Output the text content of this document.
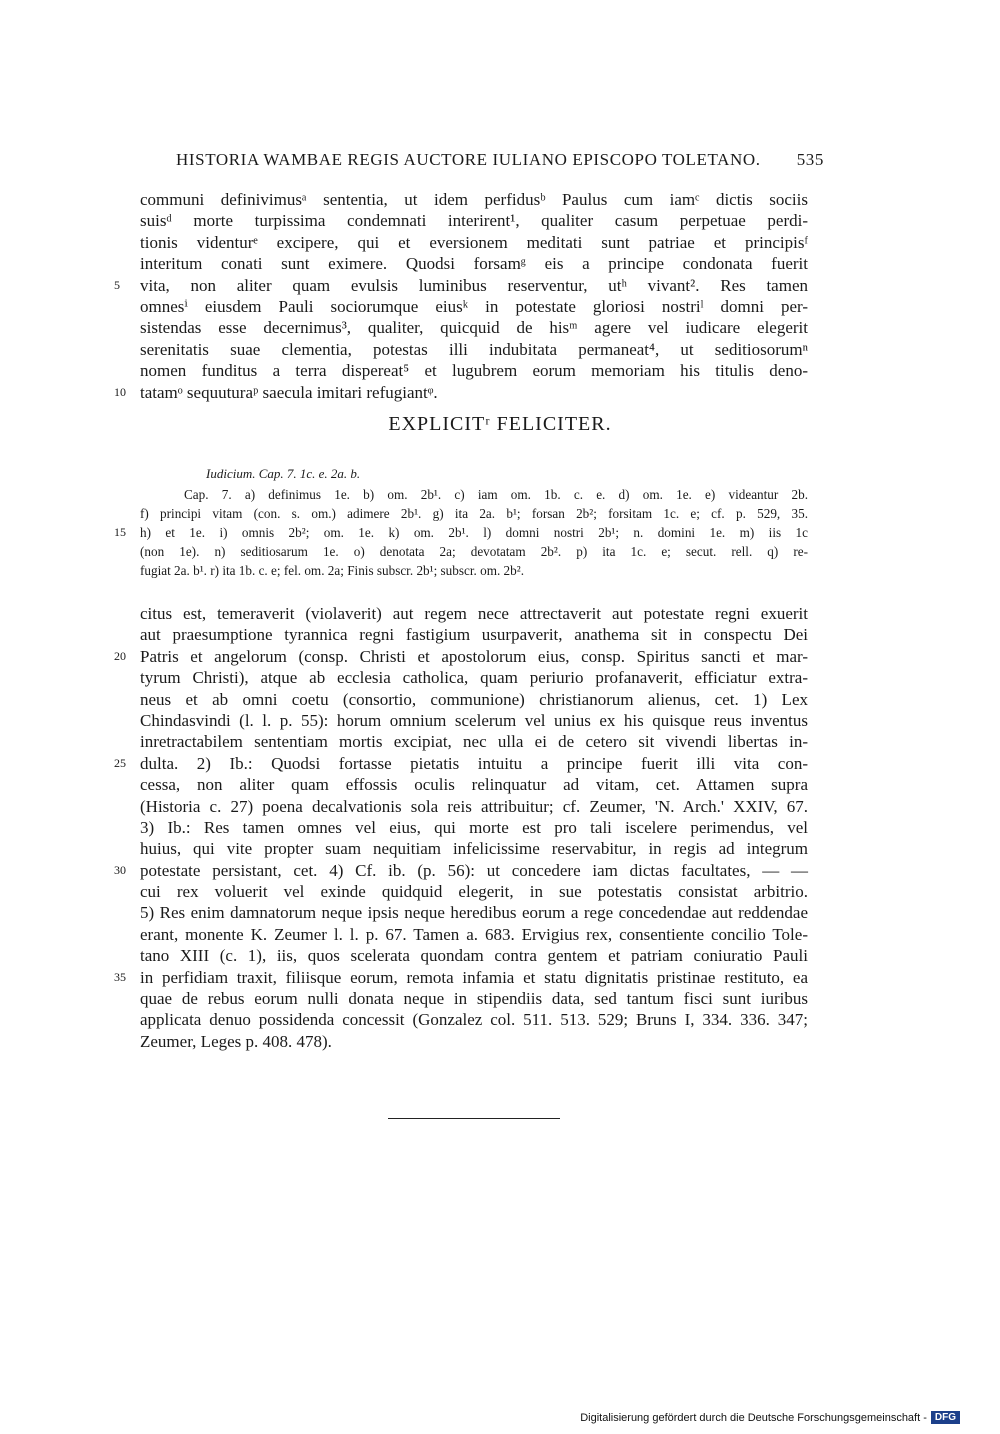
HISTORIA WAMBAE REGIS AUCTORE IULIANO EPISCOPO TOLETANO. 535
communi definivimusᵃ sententia, ut idem perfidusᵇ Paulus cum iamᶜ dictis sociis
suisᵈ morte turpissima condemnati interirent¹, qualiter casum perpetuae perdi-
tionis videnturᵉ excipere, qui et eversionem meditati sunt patriae et principisᶠ
interitum conati sunt eximere. Quodsi forsamᵍ eis a principe condonata fuerit
5	vita, non aliter quam evulsis luminibus reserventur, utʰ vivant². Res tamen
omnesⁱ eiusdem Pauli sociorumque eiusᵏ in potestate gloriosi nostriˡ domni per-
sistendas esse decernimus³, qualiter, quicquid de hisᵐ agere vel iudicare elegerit
serenitatis suae clementia, potestas illi indubitata permaneat⁴, ut seditiosorumⁿ
nomen funditus a terra dispereat⁵ et lugubrem eorum memoriam his titulis deno-
10 tatamᵒ sequuturaᵖ saecula imitari refugiantᵠ.
EXPLICITʳ FELICITER.
Iudicium. Cap. 7. 1c. e. 2a. b.
Cap. 7. a) definimus 1e. b) om. 2b¹. c) iam om. 1b. c. e. d) om. 1e. e) videantur 2b.
f) principi vitam (con. s. om.) adimere 2b¹. g) ita 2a. b¹; forsan 2b²; forsitam 1c. e; cf. p. 529, 35.
15 h) et 1e. i) omnis 2b²; om. 1e. k) om. 2b¹. l) domni nostri 2b¹; n. domini 1e. m) iis 1c
(non 1e). n) seditiosarum 1e. o) denotata 2a; devotatam 2b². p) ita 1c. e; secut. rell. q) re-
fugiat 2a. b¹. r) ita 1b. c. e; fel. om. 2a; Finis subscr. 2b¹; subscr. om. 2b².
citus est, temeraverit (violaverit) aut regem nece attrectaverit aut potestate regni exuerit
aut praesumptione tyrannica regni fastigium usurpaverit, anathema sit in conspectu Dei
20 Patris et angelorum (consp. Christi et apostolorum eius, consp. Spiritus sancti et mar-
tyrum Christi), atque ab ecclesia catholica, quam periurio profanaverit, efficiatur extra-
neus et ab omni coetu (consortio, communione) christianorum alienus, cet. 1) Lex
Chindasvindi (l. l. p. 55): horum omnium scelerum vel unius ex his quisque reus inventus
inretractabilem sententiam mortis excipiat, nec ulla ei de cetero sit vivendi libertas in-
25 dulta. 2) Ib.: Quodsi fortasse pietatis intuitu a principe fuerit illi vita con-
cessa, non aliter quam effossis oculis relinquatur ad vitam, cet. Attamen supra
(Historia c. 27) poena decalvationis sola reis attribuitur; cf. Zeumer, 'N. Arch.' XXIV, 67.
3) Ib.: Res tamen omnes vel eius, qui morte est pro tali iscelere perimendus, vel
huius, qui vite propter suam nequitiam infelicissime reservabitur, in regis ad integrum
30 potestate persistant, cet. 4) Cf. ib. (p. 56): ut concedere iam dictas facultates, — —
cui rex voluerit vel exinde quidquid elegerit, in sue potestatis consistat arbitrio.
5) Res enim damnatorum neque ipsis neque heredibus eorum a rege concedendae aut reddendae
erant, monente K. Zeumer l. l. p. 67. Tamen a. 683. Ervigius rex, consentiente concilio Tole-
tano XIII (c. 1), iis, quos scelerata quondam contra gentem et patriam coniuratio Pauli
35 in perfidiam traxit, filiisque eorum, remota infamia et statu dignitatis pristinae restituto, ea
quae de rebus eorum nulli donata neque in stipendiis data, sed tantum fisci sunt iuribus
applicata denuo possidenda concessit (Gonzalez col. 511. 513. 529; Bruns I, 334. 336. 347;
Zeumer, Leges p. 408. 478).
Digitalisierung gefördert durch die Deutsche Forschungsgemeinschaft - DFG
